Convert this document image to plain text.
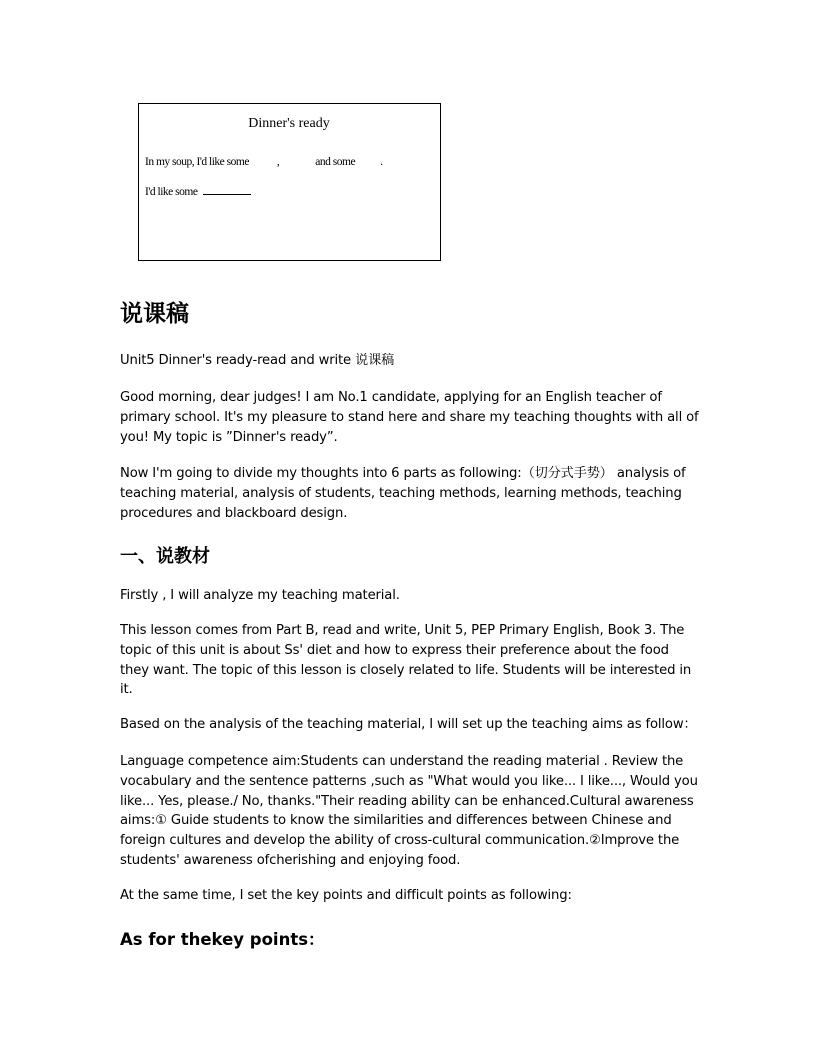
Dinner's ready
In my soup, I'd like some ,	and some .
I'd like some
说课稿

Unit5 Dinner's ready-read and write 说课稿

Good morning, dear judges! I am No.1 candidate, applying for an English teacher of primary school. It's my pleasure to stand here and share my teaching thoughts with all of you! My topic is ”Dinner's ready”.

Now I'm going to divide my thoughts into 6 parts as following:（切分式手势） analysis of teaching material, analysis of students, teaching methods, learning methods, teaching procedures and blackboard design.

一、说教材

Firstly , I will analyze my teaching material.

This lesson comes from Part B, read and write, Unit 5, PEP Primary English, Book 3. The topic of this unit is about Ss' diet and how to express their preference about the food they want. The topic of this lesson is closely related to life. Students will be interested in it.

Based on the analysis of the teaching material, I will set up the teaching aims as follow：

Language competence aim:Students can understand the reading material . Review the vocabulary and the sentence patterns ,such as "What would you like... I like..., Would you like... Yes, please./ No, thanks."Their reading ability can be enhanced.Cultural awareness aims:① Guide students to know the similarities and differences between Chinese and foreign cultures and develop the ability of cross-cultural communication.②Improve the students' awareness ofcherishing and enjoying food.

At the same time, I set the key points and difficult points as following:

As for thekey points：
